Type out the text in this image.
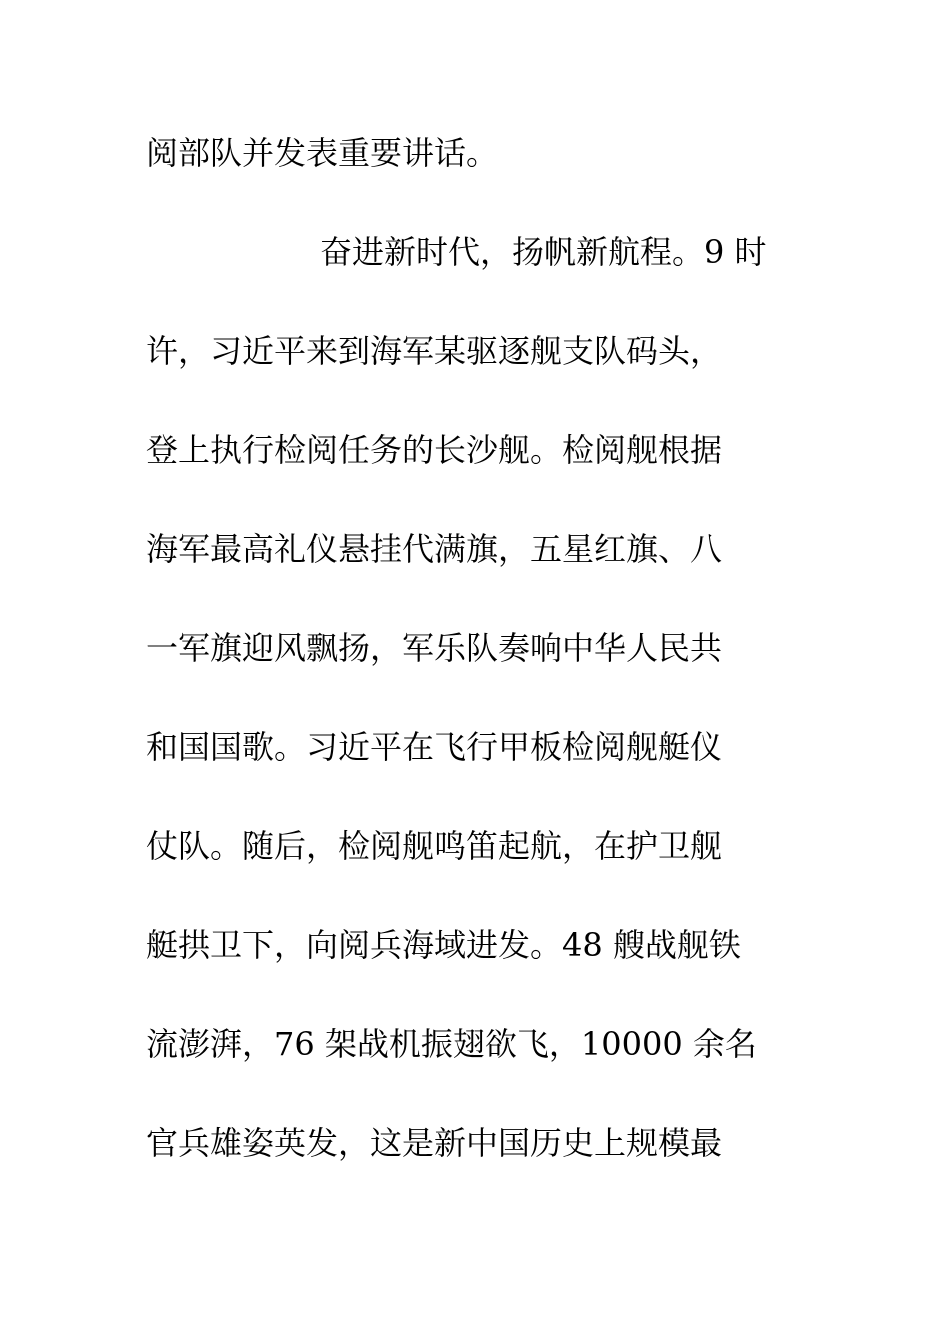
阅部队并发表重要讲话。
奋进新时代，扬帆新航程。9 时
许，习近平来到海军某驱逐舰支队码头，
登上执行检阅任务的长沙舰。检阅舰根据
海军最高礼仪悬挂代满旗，五星红旗、八
一军旗迎风飘扬，军乐队奏响中华人民共
和国国歌。习近平在飞行甲板检阅舰艇仪
仗队。随后，检阅舰鸣笛起航，在护卫舰
艇拱卫下，向阅兵海域进发。48 艘战舰铁
流澎湃，76 架战机振翅欲飞，10000 余名
官兵雄姿英发，这是新中国历史上规模最
